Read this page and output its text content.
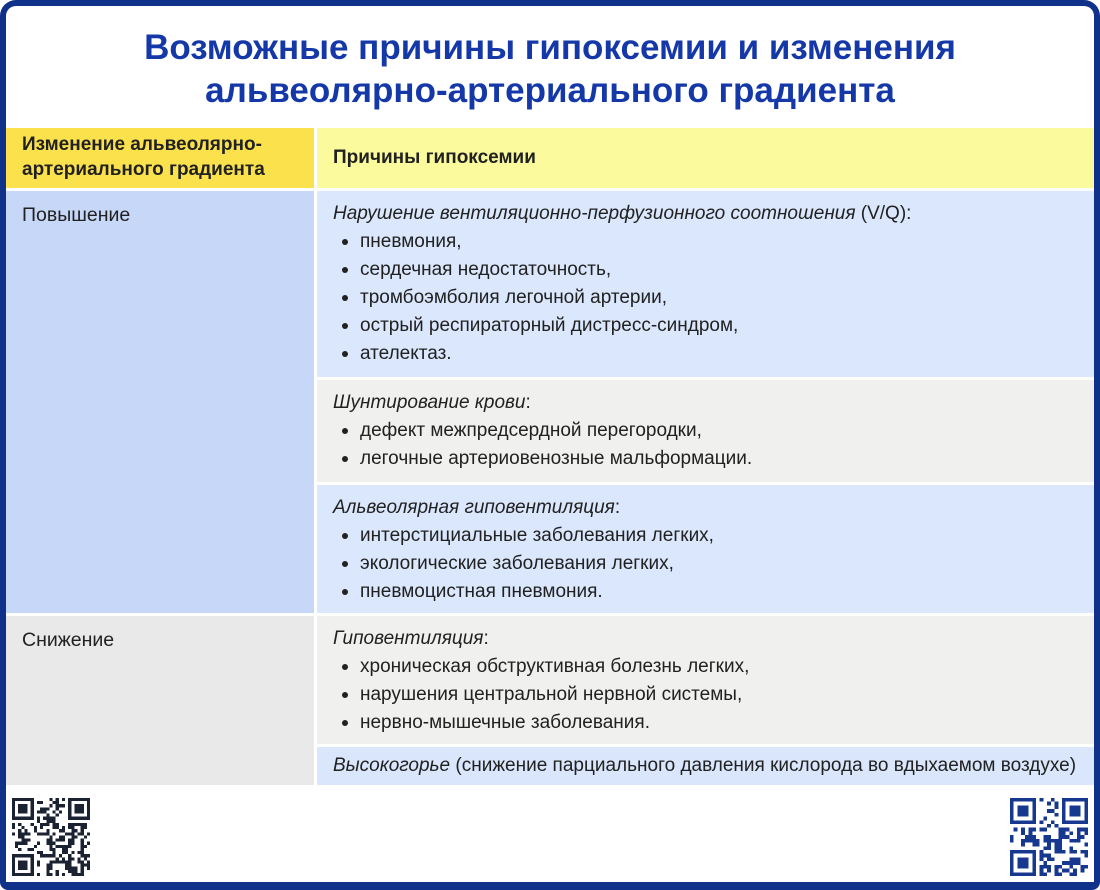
Возможные причины гипоксемии и изменения альвеолярно-артериального градиента
Изменение альвеолярно-артериального градиента
Причины гипоксемии
Повышение	Нарушение вентиляционно-перфузионного соотношения (V/Q):
пневмония,
сердечная недостаточность,
тромбоэмболия легочной артерии,
острый респираторный дистресс-синдром,
ателектаз.
Шунтирование крови:
дефект межпредсердной перегородки,
легочные артериовенозные мальформации.
Альвеолярная гиповентиляция:
интерстициальные заболевания легких,
экологические заболевания легких,
пневмоцистная пневмония.
Снижение	Гиповентиляция:
хроническая обструктивная болезнь легких,
нарушения центральной нервной системы,
нервно-мышечные заболевания.
Высокогорье (снижение парциального давления кислорода во вдыхаемом воздухе)
